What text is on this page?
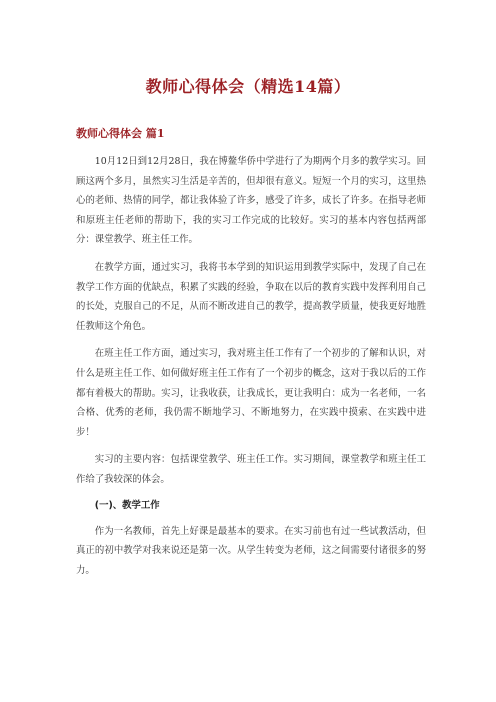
教师心得体会（精选14篇）
教师心得体会 篇1

10月12日到12月28日，我在博鳌华侨中学进行了为期两个月多的教学实习。回顾这两个多月，虽然实习生活是辛苦的，但却很有意义。短短一个月的实习，这里热心的老师、热情的同学，都让我体验了许多，感受了许多，成长了许多。在指导老师和原班主任老师的帮助下，我的实习工作完成的比较好。实习的基本内容包括两部分：课堂教学、班主任工作。

在教学方面，通过实习，我将书本学到的知识运用到教学实际中，发现了自己在教学工作方面的优缺点，积累了实践的经验，争取在以后的教育实践中发挥利用自己的长处，克服自己的不足，从而不断改进自己的教学，提高教学质量，使我更好地胜任教师这个角色。

在班主任工作方面，通过实习，我对班主任工作有了一个初步的了解和认识，对什么是班主任工作、如何做好班主任工作有了一个初步的概念，这对于我以后的工作都有着极大的帮助。实习，让我收获，让我成长，更让我明白：成为一名老师，一名合格、优秀的老师，我仍需不断地学习、不断地努力，在实践中摸索、在实践中进步！

实习的主要内容：包括课堂教学、班主任工作。实习期间，课堂教学和班主任工作给了我较深的体会。

(一)、教学工作

作为一名教师，首先上好课是最基本的要求。在实习前也有过一些试教活动，但真正的初中教学对我来说还是第一次。从学生转变为老师，这之间需要付诸很多的努力。
